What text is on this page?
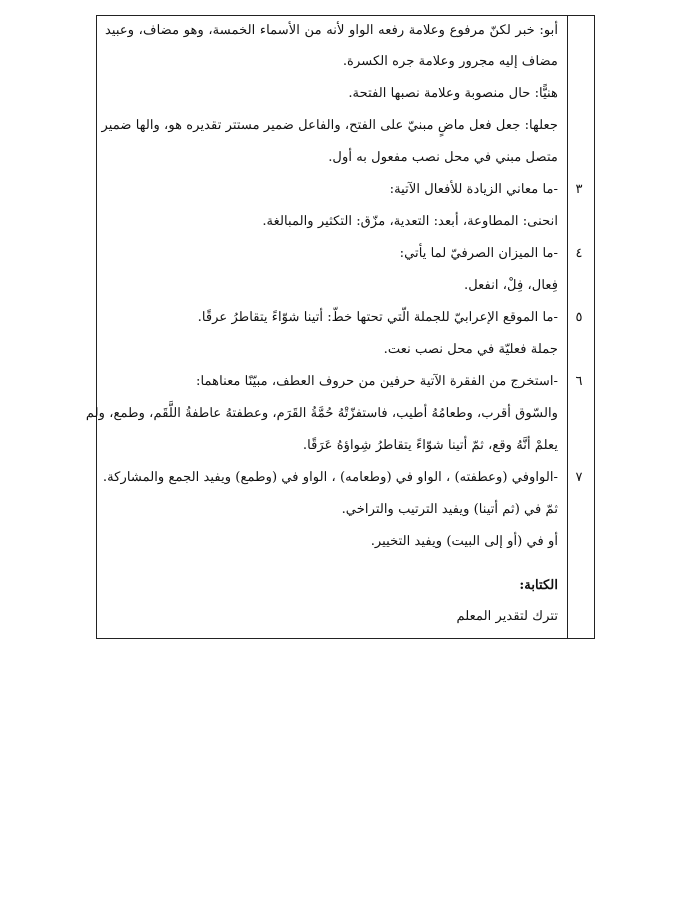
أبو: خبر لكنّ مرفوع وعلامة رفعه الواو لأنه من الأسماء الخمسة، وهو مضاف، وعبيد
مضاف إليه مجرور وعلامة جره الكسرة.
هنيًّا: حال منصوبة وعلامة نصبها الفتحة.
جعلها: جعل فعل ماضٍ مبنيّ على الفتح، والفاعل ضمير مستتر تقديره هو، والها ضمير
متصل مبني في محل نصب مفعول به أول.
٣
-ما معاني الزيادة للأفعال الآتية:
انحنى: المطاوعة، أبعد: التعدية، مزّق: التكثير والمبالغة.
٤
-ما الميزان الصرفيّ لما يأتي:
فِعال، فِلْ، انفعل.
٥
-ما الموقع الإعرابيّ للجملة الّتي تحتها خطّ: أتينا شوّاءً يتقاطرُ عرقًا.
جملة فعليّة في محل نصب نعت.
٦
-استخرج من الفقرة الآتية حرفين من حروف العطف، مبيّنًا معناهما:
والسّوق أقرب، وطعامُهُ أطيب، فاستفزّتْهُ حُمَّةُ القَرَم، وعطفتهُ عاطفةُ اللَّقَم، وطمع، ولم
يعلمْ أنَّهُ وقع، ثمّ أتينا شوّاءً يتقاطرُ شِواؤهُ عَرَقًا.
٧
-الواوفي (وعطفته) ، الواو في (وطعامه) ، الواو في (وطمع) ويفيد الجمع والمشاركة.
ثمّ في (ثم أتينا) ويفيد الترتيب والتراخي.
أو في (أو إلى البيت) ويفيد التخيير.
الكتابة:
تترك لتقدير المعلم
